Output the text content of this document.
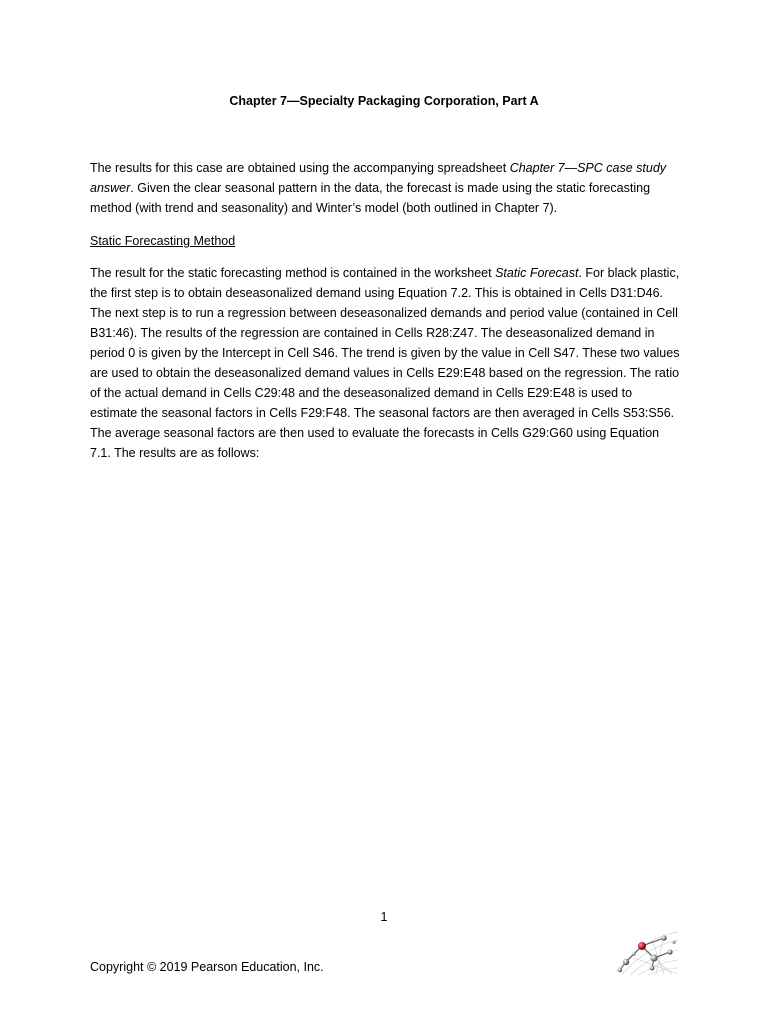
Chapter 7—Specialty Packaging Corporation, Part A

The results for this case are obtained using the accompanying spreadsheet Chapter 7—SPC case study answer. Given the clear seasonal pattern in the data, the forecast is made using the static forecasting method (with trend and seasonality) and Winter’s model (both outlined in Chapter 7).

Static Forecasting Method

The result for the static forecasting method is contained in the worksheet Static Forecast. For black plastic, the first step is to obtain deseasonalized demand using Equation 7.2. This is obtained in Cells D31:D46. The next step is to run a regression between deseasonalized demands and period value (contained in Cell B31:46). The results of the regression are contained in Cells R28:Z47. The deseasonalized demand in period 0 is given by the Intercept in Cell S46. The trend is given by the value in Cell S47. These two values are used to obtain the deseasonalized demand values in Cells E29:E48 based on the regression. The ratio of the actual demand in Cells C29:48 and the deseasonalized demand in Cells E29:E48 is used to estimate the seasonal factors in Cells F29:F48. The seasonal factors are then averaged in Cells S53:S56. The average seasonal factors are then used to evaluate the forecasts in Cells G29:G60 using Equation 7.1. The results are as follows:

1
Copyright © 2019 Pearson Education, Inc.
